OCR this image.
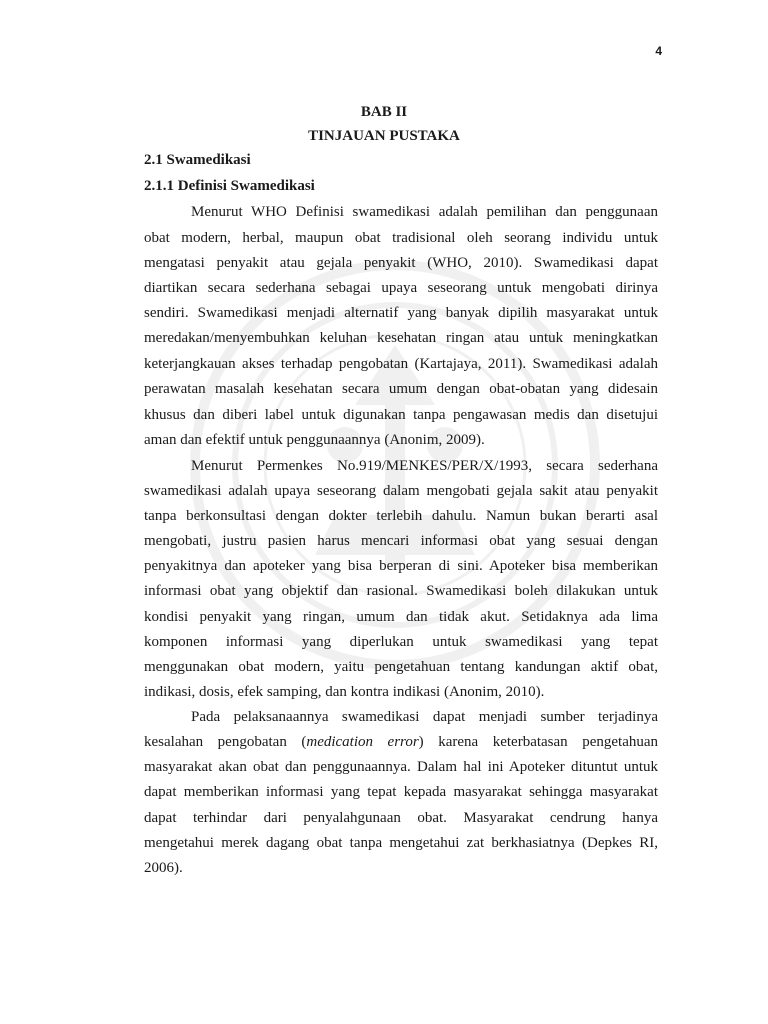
4
BAB II
TINJAUAN PUSTAKA
2.1 Swamedikasi
2.1.1 Definisi Swamedikasi
Menurut WHO Definisi swamedikasi adalah pemilihan dan penggunaan
obat modern, herbal, maupun obat tradisional oleh seorang individu untuk
mengatasi penyakit atau gejala penyakit (WHO, 2010). Swamedikasi dapat
diartikan secara sederhana sebagai upaya seseorang untuk mengobati dirinya
sendiri. Swamedikasi menjadi alternatif yang banyak dipilih masyarakat untuk
meredakan/menyembuhkan keluhan kesehatan ringan atau untuk meningkatkan
keterjangkauan akses terhadap pengobatan (Kartajaya, 2011). Swamedikasi adalah
perawatan masalah kesehatan secara umum dengan obat-obatan yang didesain
khusus dan diberi label untuk digunakan tanpa pengawasan medis dan disetujui
aman dan efektif untuk penggunaannya (Anonim, 2009).
Menurut Permenkes No.919/MENKES/PER/X/1993, secara sederhana
swamedikasi adalah upaya seseorang dalam mengobati gejala sakit atau penyakit
tanpa berkonsultasi dengan dokter terlebih dahulu. Namun bukan berarti asal
mengobati, justru pasien harus mencari informasi obat yang sesuai dengan
penyakitnya dan apoteker yang bisa berperan di sini. Apoteker bisa memberikan
informasi obat yang objektif dan rasional. Swamedikasi boleh dilakukan untuk
kondisi penyakit yang ringan, umum dan tidak akut. Setidaknya ada lima
komponen informasi yang diperlukan untuk swamedikasi yang tepat
menggunakan obat modern, yaitu pengetahuan tentang kandungan aktif obat,
indikasi, dosis, efek samping, dan kontra indikasi (Anonim, 2010).
Pada pelaksanaannya swamedikasi dapat menjadi sumber terjadinya
kesalahan pengobatan (medication error) karena keterbatasan pengetahuan
masyarakat akan obat dan penggunaannya. Dalam hal ini Apoteker dituntut untuk
dapat memberikan informasi yang tepat kepada masyarakat sehingga masyarakat
dapat terhindar dari penyalahgunaan obat. Masyarakat cendrung hanya
mengetahui merek dagang obat tanpa mengetahui zat berkhasiatnya (Depkes RI,
2006).
